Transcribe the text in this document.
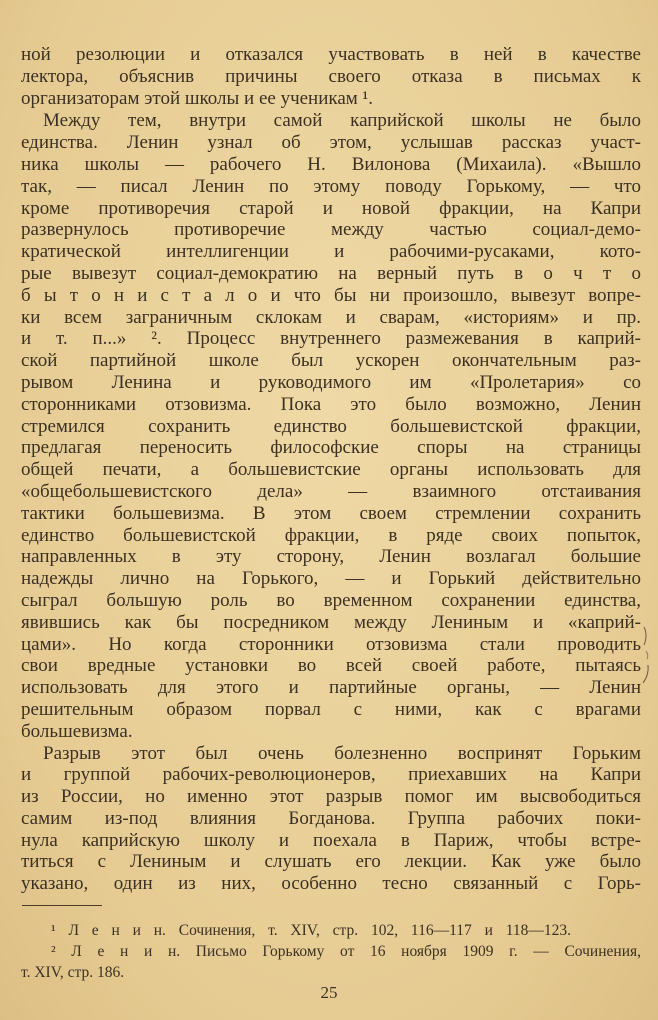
ной резолюции и отказался участвовать в ней в качестве
лектора, объяснив причины своего отказа в письмах к
организаторам этой школы и ее ученикам ¹.
Между тем, внутри самой каприйской школы не было
единства. Ленин узнал об этом, услышав рассказ участ-
ника школы — рабочего Н. Вилонова (Михаила). «Вышло
так, — писал Ленин по этому поводу Горькому, — что
кроме противоречия старой и новой фракции, на Капри
развернулось противоречие между частью социал-демо-
кратической интеллигенции и рабочими-русаками, кото-
рые вывезут социал-демократию на верный путь в о ч т о
б ы т о н и с т а л о и что бы ни произошло, вывезут вопре-
ки всем заграничным склокам и сварам, «историям» и пр.
и т. п...» ². Процесс внутреннего размежевания в каприй-
ской партийной школе был ускорен окончательным раз-
рывом Ленина и руководимого им «Пролетария» со
сторонниками отзовизма. Пока это было возможно, Ленин
стремился сохранить единство большевистской фракции,
предлагая переносить философские споры на страницы
общей печати, а большевистские органы использовать для
«общебольшевистского дела» — взаимного отстаивания
тактики большевизма. В этом своем стремлении сохранить
единство большевистской фракции, в ряде своих попыток,
направленных в эту сторону, Ленин возлагал большие
надежды лично на Горького, — и Горький действительно
сыграл большую роль во временном сохранении единства,
явившись как бы посредником между Лениным и «каприй-
цами». Но когда сторонники отзовизма стали проводить
свои вредные установки во всей своей работе, пытаясь
использовать для этого и партийные органы, — Ленин
решительным образом порвал с ними, как с врагами
большевизма.
Разрыв этот был очень болезненно воспринят Горьким
и группой рабочих-революционеров, приехавших на Капри
из России, но именно этот разрыв помог им высвободиться
самим из-под влияния Богданова. Группа рабочих поки-
нула каприйскую школу и поехала в Париж, чтобы встре-
титься с Лениным и слушать его лекции. Как уже было
указано, один из них, особенно тесно связанный с Горь-
¹ Л е н и н. Сочинения, т. XIV, стр. 102, 116—117 и 118—123.
² Л е н и н. Письмо Горькому от 16 ноября 1909 г. — Сочинения,
т. XIV, стр. 186.
25
